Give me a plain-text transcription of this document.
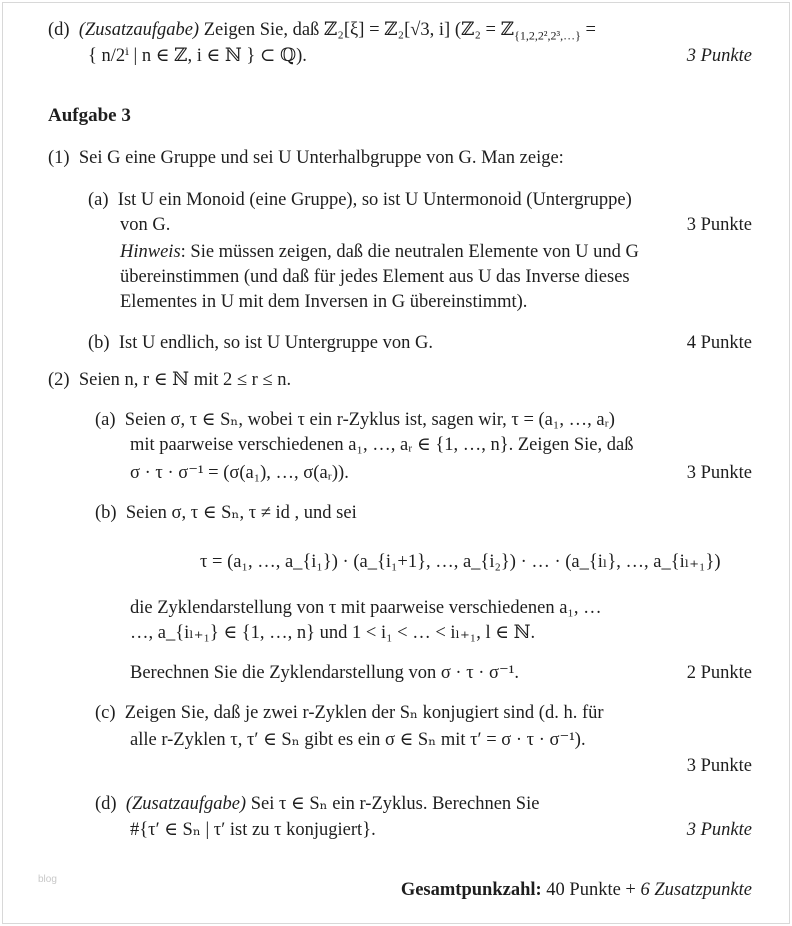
(d) (Zusatzaufgabe) Zeigen Sie, daß ℤ₂[ξ] = ℤ₂[√3, i] (ℤ₂ = ℤ$_{\{1,2,2^2,2^3,\dots\}}$ =
{ n/2ⁱ | n ∈ ℤ, i ∈ ℕ } ⊂ ℚ).	3 Punkte
Aufgabe 3
(1) Sei G eine Gruppe und sei U Unterhalbgruppe von G. Man zeige:
(a) Ist U ein Monoid (eine Gruppe), so ist U Untermonoid (Untergruppe)
von G.	3 Punkte
Hinweis: Sie müssen zeigen, daß die neutralen Elemente von U und G
übereinstimmen (und daß für jedes Element aus U das Inverse dieses
Elementes in U mit dem Inversen in G übereinstimmt).
(b) Ist U endlich, so ist U Untergruppe von G.	4 Punkte
(2) Seien n, r ∈ ℕ mit 2 ≤ r ≤ n.
(a) Seien σ, τ ∈ Sₙ, wobei τ ein r-Zyklus ist, sagen wir, τ = (a₁, …, aᵣ)
mit paarweise verschiedenen a₁, …, aᵣ ∈ {1, …, n}. Zeigen Sie, daß
σ · τ · σ⁻¹ = (σ(a₁), …, σ(aᵣ)).	3 Punkte
(b) Seien σ, τ ∈ Sₙ, τ ≠ id , und sei
τ = (a₁, …, a_{i₁}) · (a_{i₁+1}, …, a_{i₂}) · … · (a_{iₗ}, …, a_{iₗ₊₁})
die Zyklendarstellung von τ mit paarweise verschiedenen a₁, …
…, a_{iₗ₊₁} ∈ {1, …, n} und 1 < i₁ < … < iₗ₊₁, l ∈ ℕ.
Berechnen Sie die Zyklendarstellung von σ · τ · σ⁻¹.	2 Punkte
(c) Zeigen Sie, daß je zwei r-Zyklen der Sₙ konjugiert sind (d. h. für
alle r-Zyklen τ, τ′ ∈ Sₙ gibt es ein σ ∈ Sₙ mit τ′ = σ · τ · σ⁻¹).
3 Punkte
(d) (Zusatzaufgabe) Sei τ ∈ Sₙ ein r-Zyklus. Berechnen Sie
#{τ′ ∈ Sₙ | τ′ ist zu τ konjugiert}.	3 Punkte
blog
Gesamtpunkzahl: 40 Punkte + 6 Zusatzpunkte
